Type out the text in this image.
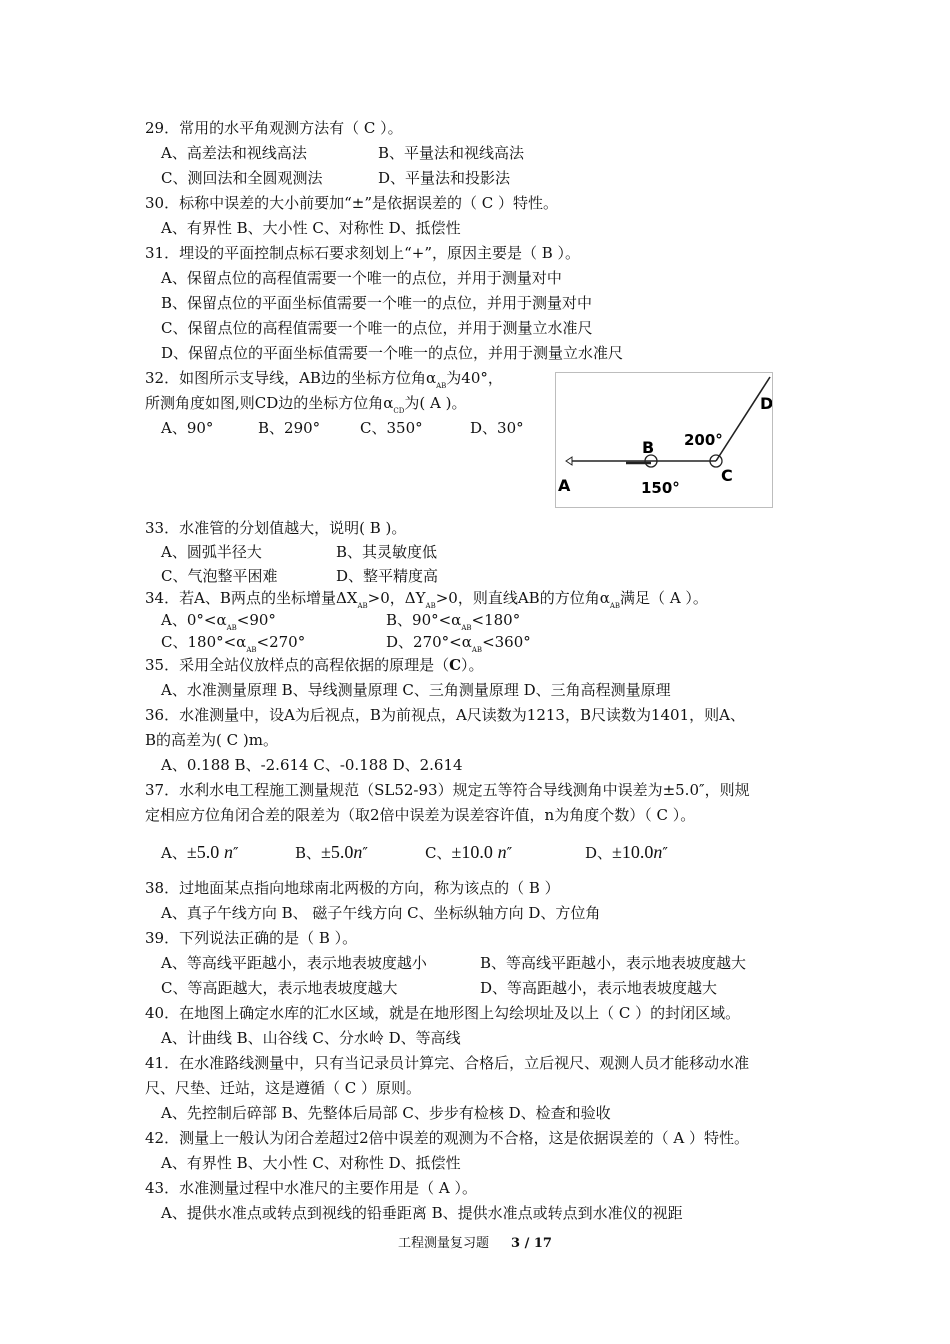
29．常用的水平角观测方法有（ C ）。
A、高差法和视线高法	B、平量法和视线高法
C、测回法和全圆观测法	D、平量法和投影法
30．标称中误差的大小前要加“±”是依据误差的（ C ）特性。
A、有界性 B、大小性 C、对称性 D、抵偿性
31．埋设的平面控制点标石要求刻划上“+”，原因主要是（ B ）。
A、保留点位的高程值需要一个唯一的点位，并用于测量对中
B、保留点位的平面坐标值需要一个唯一的点位，并用于测量对中
C、保留点位的高程值需要一个唯一的点位，并用于测量立水准尺
D、保留点位的平面坐标值需要一个唯一的点位，并用于测量立水准尺
32．如图所示支导线，AB边的坐标方位角$\alpha_{AB}$为40°，
所测角度如图,则CD边的坐标方位角$\alpha_{CD}$为( A )。
A、90°	B、290°	C、350°	D、30°
A
B
C
D
150°
200°
33．水准管的分划值越大，说明( B )。
A、圆弧半径大	B、其灵敏度低
C、气泡整平困难	D、整平精度高
34．若A、B两点的坐标增量$\Delta X_{AB}>0$，$\Delta Y_{AB}>0$，则直线AB的方位角$\alpha_{AB}$满足（ A ）。
A、$0^\circ<\alpha_{AB}<90^\circ$	B、$90^\circ<\alpha_{AB}<180^\circ$
C、$180^\circ<\alpha_{AB}<270^\circ$	D、$270^\circ<\alpha_{AB}<360^\circ$
35．采用全站仪放样点的高程依据的原理是（C）。
A、水准测量原理 B、导线测量原理 C、三角测量原理 D、三角高程测量原理
36．水准测量中，设A为后视点，B为前视点，A尺读数为1213，B尺读数为1401，则A、
B的高差为( C )m。
A、0.188 B、-2.614 C、-0.188 D、2.614
37．水利水电工程施工测量规范（SL52-93）规定五等符合导线测角中误差为±5.0″，则规
定相应方位角闭合差的限差为（取2倍中误差为误差容许值，n为角度个数）（ C ）。
A、±5.0 n″	B、±5.0n″	C、±10.0 n″	D、±10.0n″
38．过地面某点指向地球南北两极的方向，称为该点的（ B ）
A、真子午线方向 B、 磁子午线方向 C、坐标纵轴方向 D、方位角
39．下列说法正确的是（ B ）。
A、等高线平距越小，表示地表坡度越小	B、等高线平距越小，表示地表坡度越大
C、等高距越大，表示地表坡度越大	D、等高距越小，表示地表坡度越大
40．在地图上确定水库的汇水区域，就是在地形图上勾绘坝址及以上（ C ）的封闭区域。
A、计曲线 B、山谷线 C、分水岭 D、等高线
41．在水准路线测量中，只有当记录员计算完、合格后，立后视尺、观测人员才能移动水准
尺、尺垫、迁站，这是遵循（ C ）原则。
A、先控制后碎部 B、先整体后局部 C、步步有检核 D、检查和验收
42．测量上一般认为闭合差超过2倍中误差的观测为不合格，这是依据误差的（ A ）特性。
A、有界性 B、大小性 C、对称性 D、抵偿性
43．水准测量过程中水准尺的主要作用是（ A ）。
A、提供水准点或转点到视线的铅垂距离 B、提供水准点或转点到水准仪的视距
工程测量复习题 3 / 17
